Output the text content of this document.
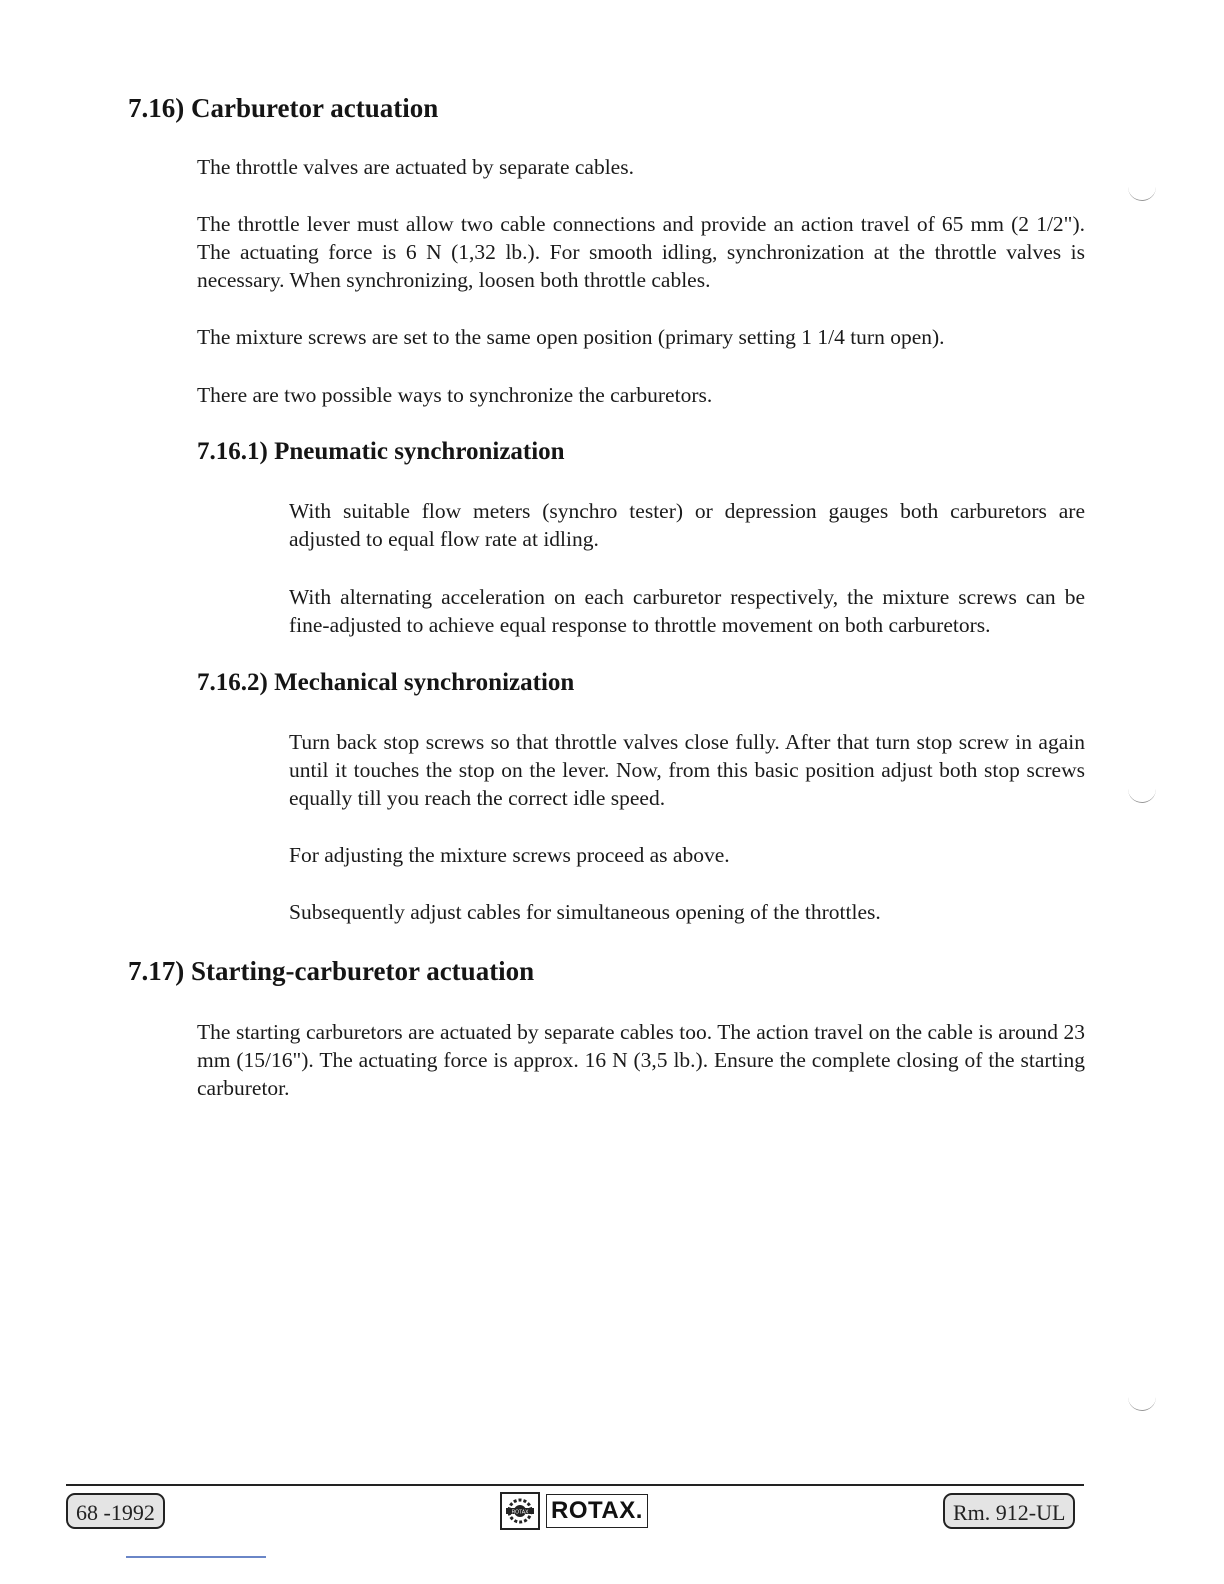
7.16) Carburetor actuation

The throttle valves are actuated by separate cables.

The throttle lever must allow two cable connections and provide an action travel of 65 mm (2 1/2"). The actuating force is 6 N (1,32 lb.). For smooth idling, synchronization at the throttle valves is necessary. When synchronizing, loosen both throttle cables.

The mixture screws are set to the same open position (primary setting 1 1/4 turn open).

There are two possible ways to synchronize the carburetors.

7.16.1) Pneumatic synchronization

With suitable flow meters (synchro tester) or depression gauges both carburetors are adjusted to equal flow rate at idling.

With alternating acceleration on each carburetor respectively, the mixture screws can be fine-adjusted to achieve equal response to throttle movement on both carburetors.

7.16.2) Mechanical synchronization

Turn back stop screws so that throttle valves close fully. After that turn stop screw in again until it touches the stop on the lever. Now, from this basic position adjust both stop screws equally till you reach the correct idle speed.

For adjusting the mixture screws proceed as above.

Subsequently adjust cables for simultaneous opening of the throttles.

7.17) Starting-carburetor actuation

The starting carburetors are actuated by separate cables too. The action travel on the cable is around 23 mm (15/16"). The actuating force is approx. 16 N (3,5 lb.). Ensure the complete closing of the starting carburetor.

68 -1992	ROTAX ROTAX.	Rm. 912-UL
